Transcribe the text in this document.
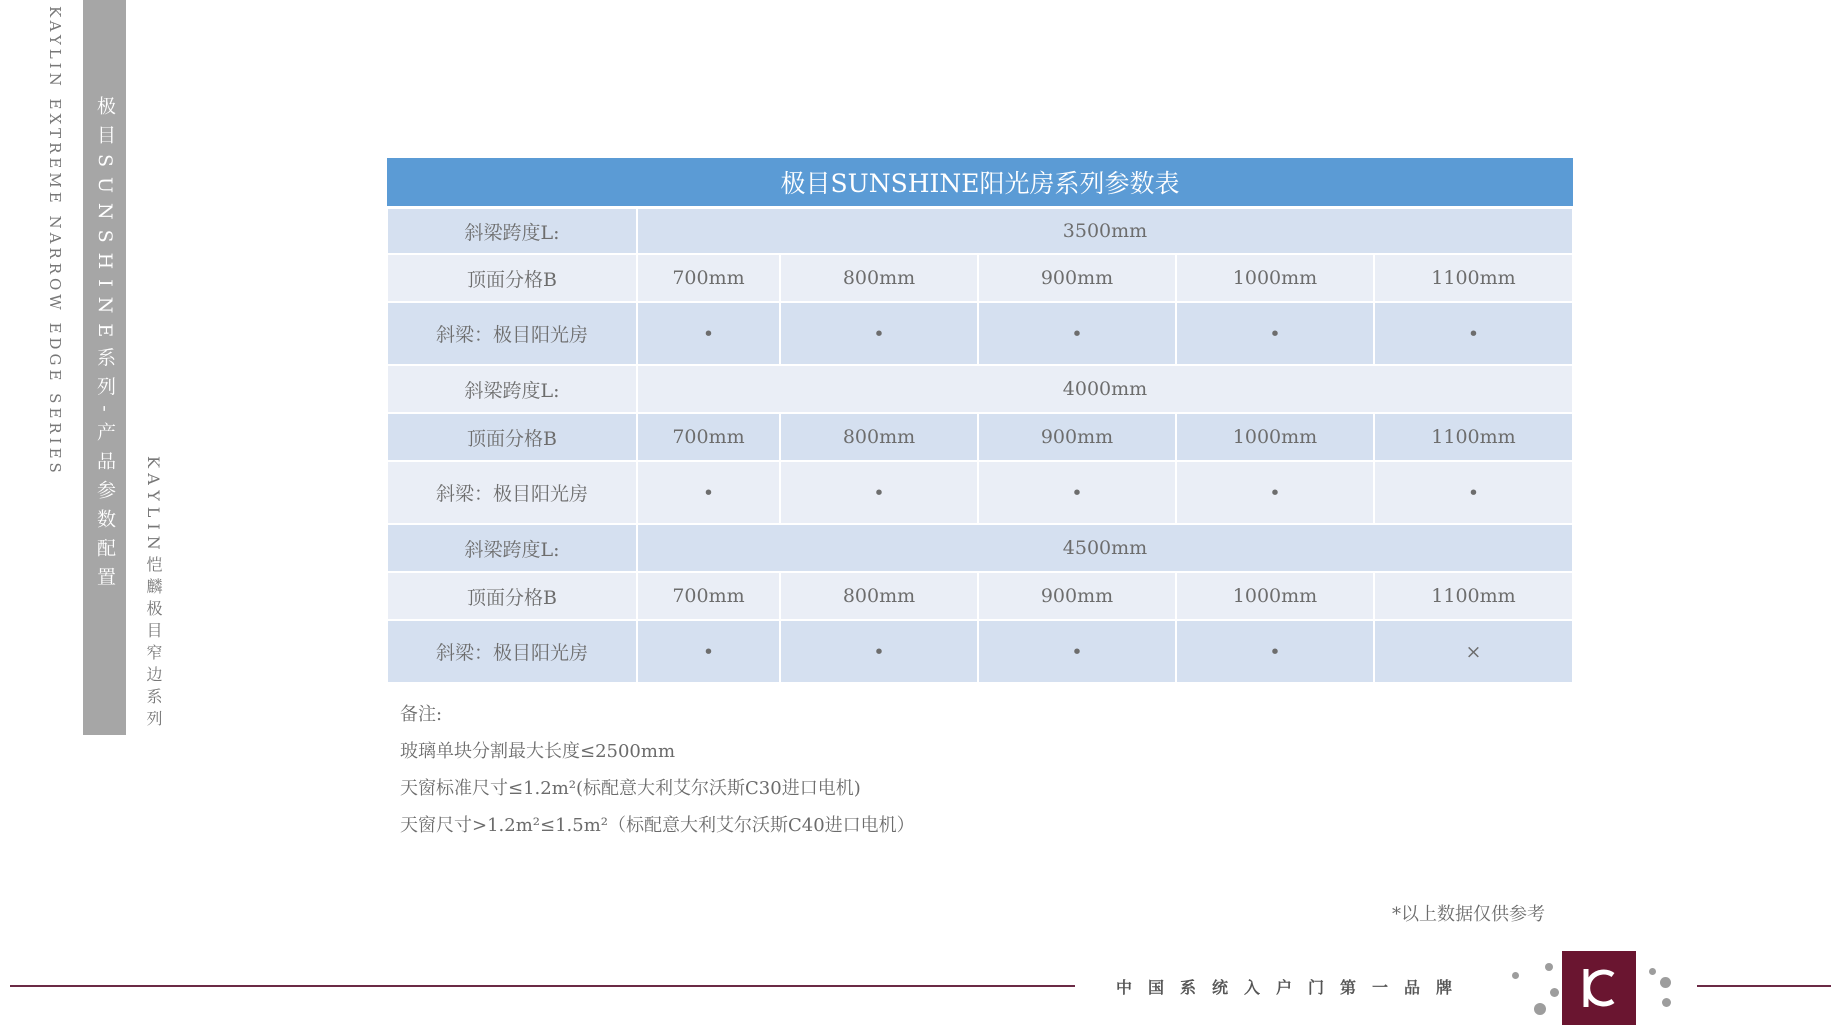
KAYLIN EXTREME NARROW EDGE SERIES 极目SUNSHINE系列-产品参数配置 KAYLIN恺麟极目窄边系列
极目SUNSHINE阳光房系列参数表					
斜梁跨度L:	3500mm				
顶面分格B	700mm	800mm	900mm	1000mm	1100mm
斜梁：极目阳光房	•	•	•	•	•
斜梁跨度L:	4000mm				
顶面分格B	700mm	800mm	900mm	1000mm	1100mm
斜梁：极目阳光房	•	•	•	•	•
斜梁跨度L:	4500mm				
顶面分格B	700mm	800mm	900mm	1000mm	1100mm
斜梁：极目阳光房	•	•	•	•	×
备注:
玻璃单块分割最大长度≤2500mm
天窗标准尺寸≤1.2m²(标配意大利艾尔沃斯C30进口电机)
天窗尺寸>1.2m²≤1.5m²（标配意大利艾尔沃斯C40进口电机）
*以上数据仅供参考
中国系统入户门第一品牌
